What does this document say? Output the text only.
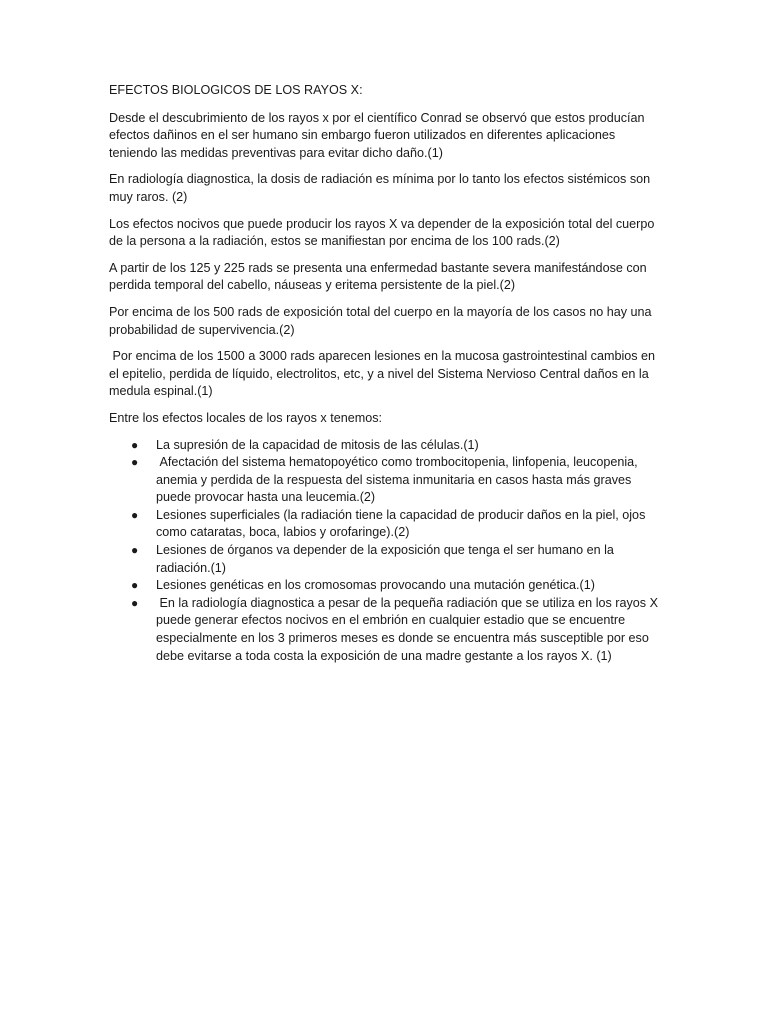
EFECTOS BIOLOGICOS DE LOS RAYOS X:

Desde el descubrimiento de los rayos x por el científico Conrad se observó que estos producían efectos dañinos en el ser humano sin embargo fueron utilizados en diferentes aplicaciones teniendo las medidas preventivas para evitar dicho daño.(1)

En radiología diagnostica, la dosis de radiación es mínima por lo tanto los efectos sistémicos son muy raros. (2)

Los efectos nocivos que puede producir los rayos X va depender de la exposición total del cuerpo de la persona a la radiación, estos se manifiestan por encima de los 100 rads.(2)

A partir de los 125 y 225 rads se presenta una enfermedad bastante severa manifestándose con perdida temporal del cabello, náuseas y eritema persistente de la piel.(2)

Por encima de los 500 rads de exposición total del cuerpo en la mayoría de los casos no hay una probabilidad de supervivencia.(2)

Por encima de los 1500 a 3000 rads aparecen lesiones en la mucosa gastrointestinal cambios en el epitelio, perdida de líquido, electrolitos, etc, y a nivel del Sistema Nervioso Central daños en la medula espinal.(1)

Entre los efectos locales de los rayos x tenemos:

● La supresión de la capacidad de mitosis de las células.(1)
● Afectación del sistema hematopoyético como trombocitopenia, linfopenia, leucopenia, anemia y perdida de la respuesta del sistema inmunitaria en casos hasta más graves puede provocar hasta una leucemia.(2)
● Lesiones superficiales (la radiación tiene la capacidad de producir daños en la piel, ojos como cataratas, boca, labios y orofaringe).(2)
● Lesiones de órganos va depender de la exposición que tenga el ser humano en la radiación.(1)
● Lesiones genéticas en los cromosomas provocando una mutación genética.(1)
● En la radiología diagnostica a pesar de la pequeña radiación que se utiliza en los rayos X puede generar efectos nocivos en el embrión en cualquier estadio que se encuentre especialmente en los 3 primeros meses es donde se encuentra más susceptible por eso debe evitarse a toda costa la exposición de una madre gestante a los rayos X. (1)
